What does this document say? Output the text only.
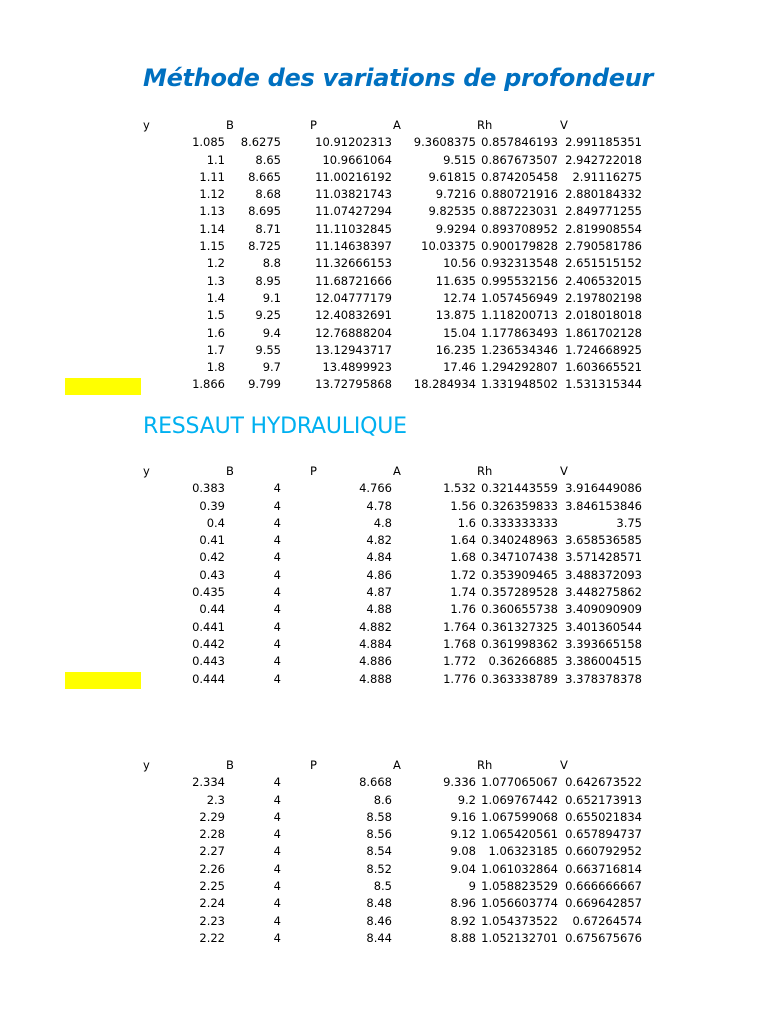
Méthode des variations de profondeur
y	B	P	A	Rh	V
1.085 8.6275	10.91202313 9.3608375 0.857846193 2.991185351
1.1	8.65	10.9661064	9.515 0.867673507 2.942722018
1.11 8.665	11.00216192	9.61815 0.874205458 2.91116275
1.12	8.68	11.03821743	9.7216 0.880721916 2.880184332
1.13 8.695	11.07427294	9.82535 0.887223031 2.849771255
1.14	8.71	11.11032845	9.9294 0.893708952 2.819908554
1.15 8.725	11.14638397	10.03375 0.900179828 2.790581786
1.2	8.8	11.32666153	10.56 0.932313548 2.651515152
1.3	8.95	11.68721666	11.635 0.995532156 2.406532015
1.4	9.1	12.04777179	12.74 1.057456949 2.197802198
1.5	9.25	12.40832691	13.875 1.118200713 2.018018018
1.6	9.4	12.76888204	15.04 1.177863493 1.861702128
1.7	9.55	13.12943717	16.235 1.236534346 1.724668925
1.8	9.7	13.4899923	17.46 1.294292807 1.603665521
1.866 9.799	13.72795868 18.284934 1.331948502 1.531315344
RESSAUT HYDRAULIQUE
y	B	P	A	Rh	V
0.383	4	4.766	1.532 0.321443559 3.916449086
0.39	4	4.78	1.56 0.326359833 3.846153846
0.4	4	4.8	1.6 0.333333333	3.75
0.41	4	4.82	1.64 0.340248963 3.658536585
0.42	4	4.84	1.68 0.347107438 3.571428571
0.43	4	4.86	1.72 0.353909465 3.488372093
0.435	4	4.87	1.74 0.357289528 3.448275862
0.44	4	4.88	1.76 0.360655738 3.409090909
0.441	4	4.882	1.764 0.361327325 3.401360544
0.442	4	4.884	1.768 0.361998362 3.393665158
0.443	4	4.886	1.772 0.36266885 3.386004515
0.444	4	4.888	1.776 0.363338789 3.378378378
y	B	P	A	Rh	V
2.334	4	8.668	9.336 1.077065067 0.642673522
2.3	4	8.6	9.2 1.069767442 0.652173913
2.29	4	8.58	9.16 1.067599068 0.655021834
2.28	4	8.56	9.12 1.065420561 0.657894737
2.27	4	8.54	9.08 1.06323185 0.660792952
2.26	4	8.52	9.04 1.061032864 0.663716814
2.25	4	8.5	9 1.058823529 0.666666667
2.24	4	8.48	8.96 1.056603774 0.669642857
2.23	4	8.46	8.92 1.054373522 0.67264574
2.22	4	8.44	8.88 1.052132701 0.675675676
